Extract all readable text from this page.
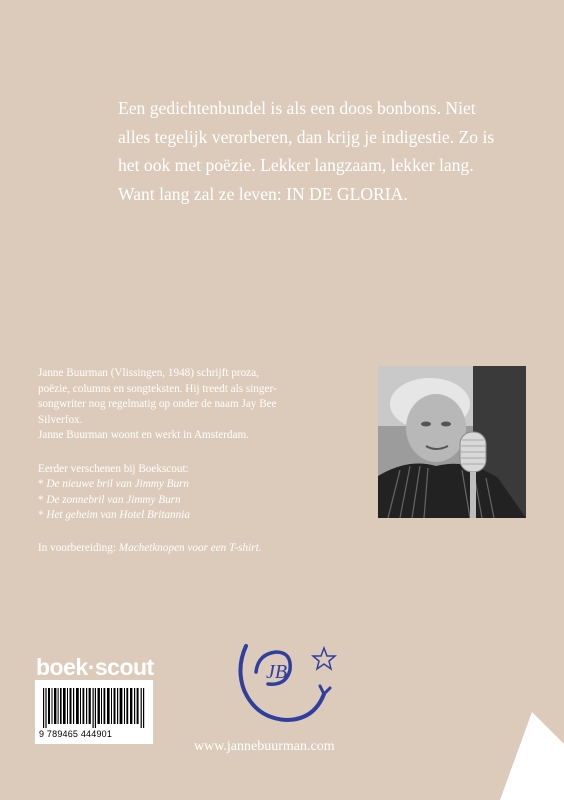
Een gedichtenbundel is als een doos bonbons. Niet
alles tegelijk verorberen, dan krijg je indigestie. Zo is
het ook met poëzie. Lekker langzaam, lekker lang.
Want lang zal ze leven: IN DE GLORIA.
Janne Buurman (Vlissingen, 1948) schrijft proza,
poëzie, columns en songteksten. Hij treedt als singer-
songwriter nog regelmatig op onder de naam Jay Bee
Silverfox.
Janne Buurman woont en werkt in Amsterdam.
Eerder verschenen bij Boekscout:
* De nieuwe bril van Jimmy Burn
* De zonnebril van Jimmy Burn
* Het geheim van Hotel Britannia
In voorbereiding: Machetknopen voor een T-shirt.
boek·scout
9 789465 444901
JB
www.jannebuurman.com
